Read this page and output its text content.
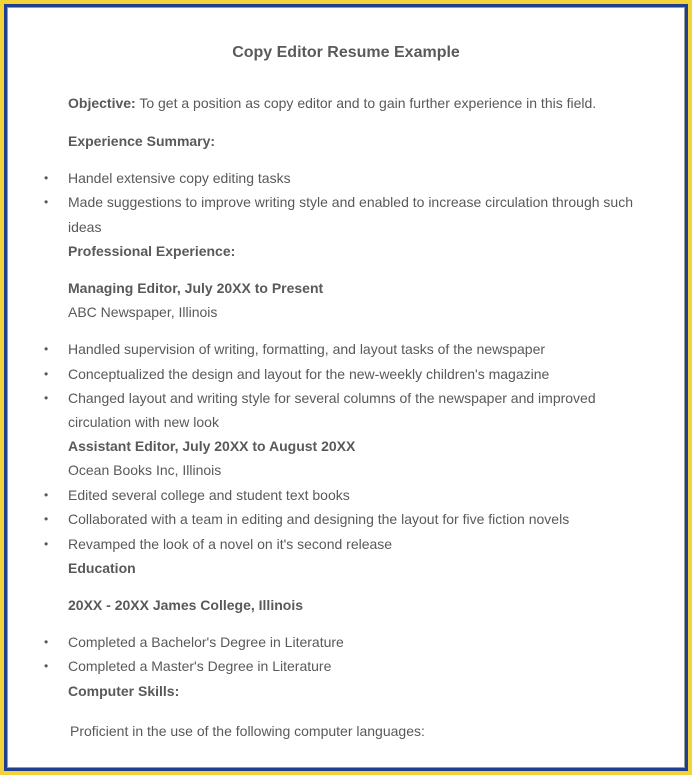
Copy Editor Resume Example
Objective: To get a position as copy editor and to gain further experience in this field.
Experience Summary:
• Handel extensive copy editing tasks
• Made suggestions to improve writing style and enabled to increase circulation through such
ideas
Professional Experience:
Managing Editor, July 20XX to Present
ABC Newspaper, Illinois
• Handled supervision of writing, formatting, and layout tasks of the newspaper
• Conceptualized the design and layout for the new-weekly children's magazine
• Changed layout and writing style for several columns of the newspaper and improved
circulation with new look
Assistant Editor, July 20XX to August 20XX
Ocean Books Inc, Illinois
• Edited several college and student text books
• Collaborated with a team in editing and designing the layout for five fiction novels
• Revamped the look of a novel on it's second release
Education
20XX - 20XX James College, Illinois
• Completed a Bachelor's Degree in Literature
• Completed a Master's Degree in Literature
Computer Skills:
Proficient in the use of the following computer languages:
